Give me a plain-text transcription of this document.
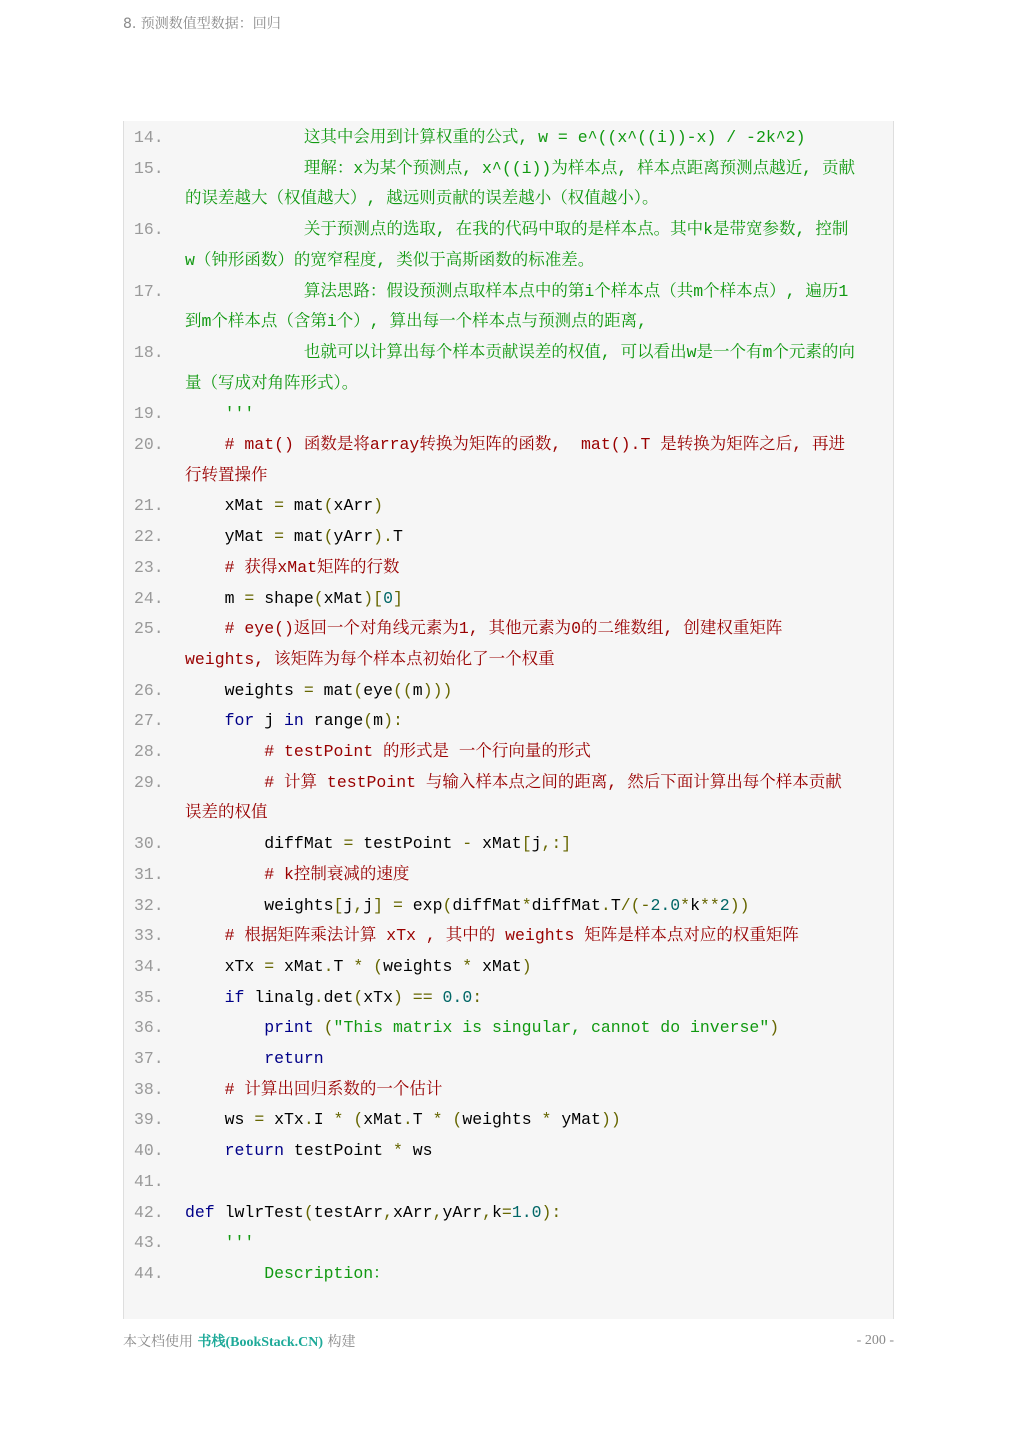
8. 预测数值型数据：回归
14. 这其中会用到计算权重的公式, w = e^((x^((i))-x) / -2k^2)
15. 理解：x为某个预测点, x^((i))为样本点, 样本点距离预测点越近, 贡献
的误差越大（权值越大）, 越远则贡献的误差越小（权值越小）。
16. 关于预测点的选取, 在我的代码中取的是样本点。其中k是带宽参数, 控制
w（钟形函数）的宽窄程度, 类似于高斯函数的标准差。
17. 算法思路：假设预测点取样本点中的第i个样本点（共m个样本点）, 遍历1
到m个样本点（含第i个）, 算出每一个样本点与预测点的距离,
18. 也就可以计算出每个样本贡献误差的权值, 可以看出w是一个有m个元素的向
量（写成对角阵形式）。
19. '''
20. # mat() 函数是将array转换为矩阵的函数,  mat().T 是转换为矩阵之后, 再进
行转置操作
21. xMat = mat(xArr)
22. yMat = mat(yArr).T
23. # 获得xMat矩阵的行数
24. m = shape(xMat)[0]
25. # eye()返回一个对角线元素为1, 其他元素为0的二维数组, 创建权重矩阵
weights, 该矩阵为每个样本点初始化了一个权重
26. weights = mat(eye((m)))
27. for j in range(m):
28. # testPoint 的形式是 一个行向量的形式
29. # 计算 testPoint 与输入样本点之间的距离, 然后下面计算出每个样本贡献
误差的权值
30. diffMat = testPoint - xMat[j,:]
31. # k控制衰减的速度
32. weights[j,j] = exp(diffMat*diffMat.T/(-2.0*k**2))
33. # 根据矩阵乘法计算 xTx , 其中的 weights 矩阵是样本点对应的权重矩阵
34. xTx = xMat.T * (weights * xMat)
35. if linalg.det(xTx) == 0.0:
36. print ("This matrix is singular, cannot do inverse")
37. return
38. # 计算出回归系数的一个估计
39. ws = xTx.I * (xMat.T * (weights * yMat))
40. return testPoint * ws
41.
42. def lwlrTest(testArr,xArr,yArr,k=1.0):
43. '''
44. Description：
本文档使用 书栈(BookStack.CN) 构建	- 200 -
